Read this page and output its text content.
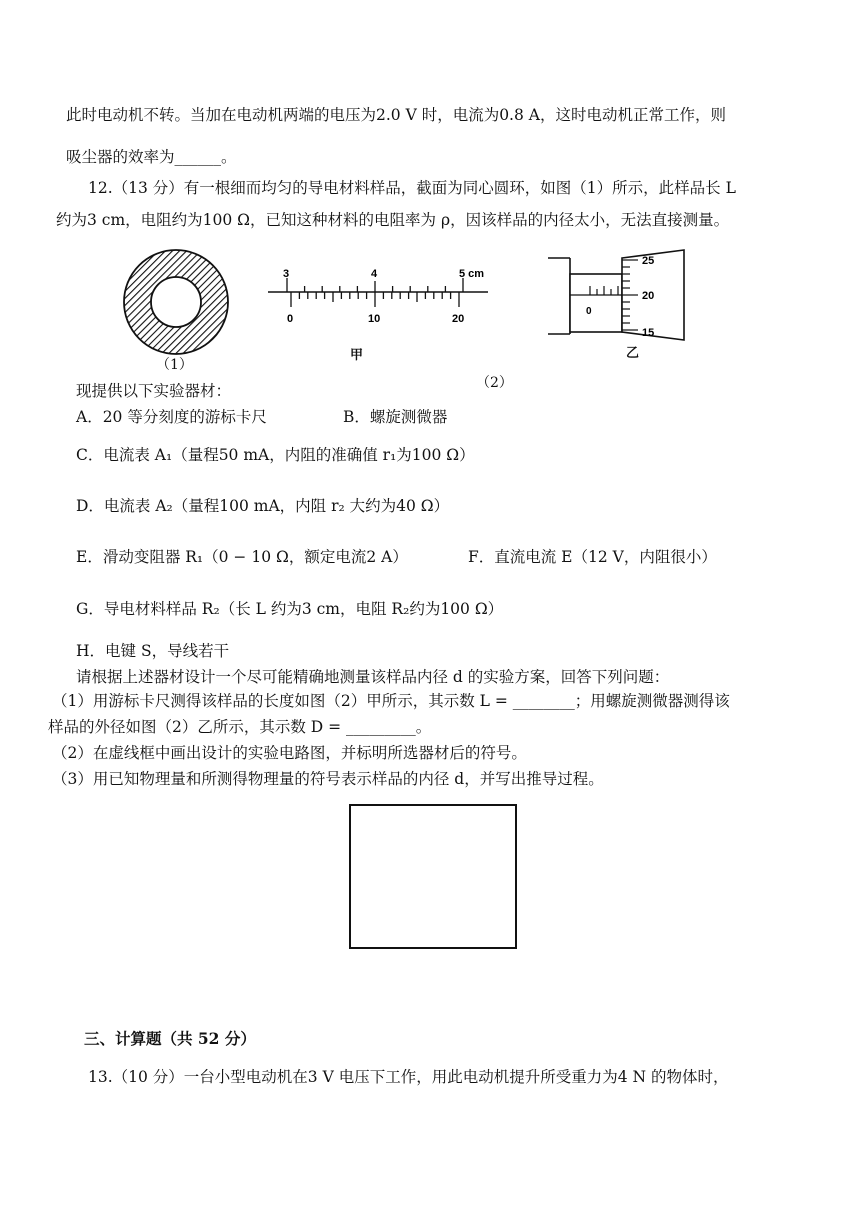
此时电动机不转。当加在电动机两端的电压为2.0 V 时，电流为0.8 A，这时电动机正常工作，则
吸尘器的效率为______。
12.（13 分）有一根细而均匀的导电材料样品，截面为同心圆环，如图（1）所示，此样品长 L
约为3 cm，电阻约为100 Ω，已知这种材料的电阻率为 ρ，因该样品的内径太小，无法直接测量。
（1）
3	4	5 cm
0	10	20
甲
0
25
20
15
乙
（2）
现提供以下实验器材：
A．20 等分刻度的游标卡尺	B．螺旋测微器
C．电流表 A₁（量程50 mA，内阻的准确值 r₁为100 Ω）
D．电流表 A₂（量程100 mA，内阻 r₂ 大约为40 Ω）
E．滑动变阻器 R₁（0 − 10 Ω，额定电流2 A）	F．直流电流 E（12 V，内阻很小）
G．导电材料样品 R₂（长 L 约为3 cm，电阻 R₂约为100 Ω）
H．电键 S，导线若干
请根据上述器材设计一个尽可能精确地测量该样品内径 d 的实验方案，回答下列问题：
（1）用游标卡尺测得该样品的长度如图（2）甲所示，其示数 L = ________；用螺旋测微器测得该
样品的外径如图（2）乙所示，其示数 D = _________。
（2）在虚线框中画出设计的实验电路图，并标明所选器材后的符号。
（3）用已知物理量和所测得物理量的符号表示样品的内径 d，并写出推导过程。
三、计算题（共 52 分）
13.（10 分）一台小型电动机在3 V 电压下工作，用此电动机提升所受重力为4 N 的物体时，
